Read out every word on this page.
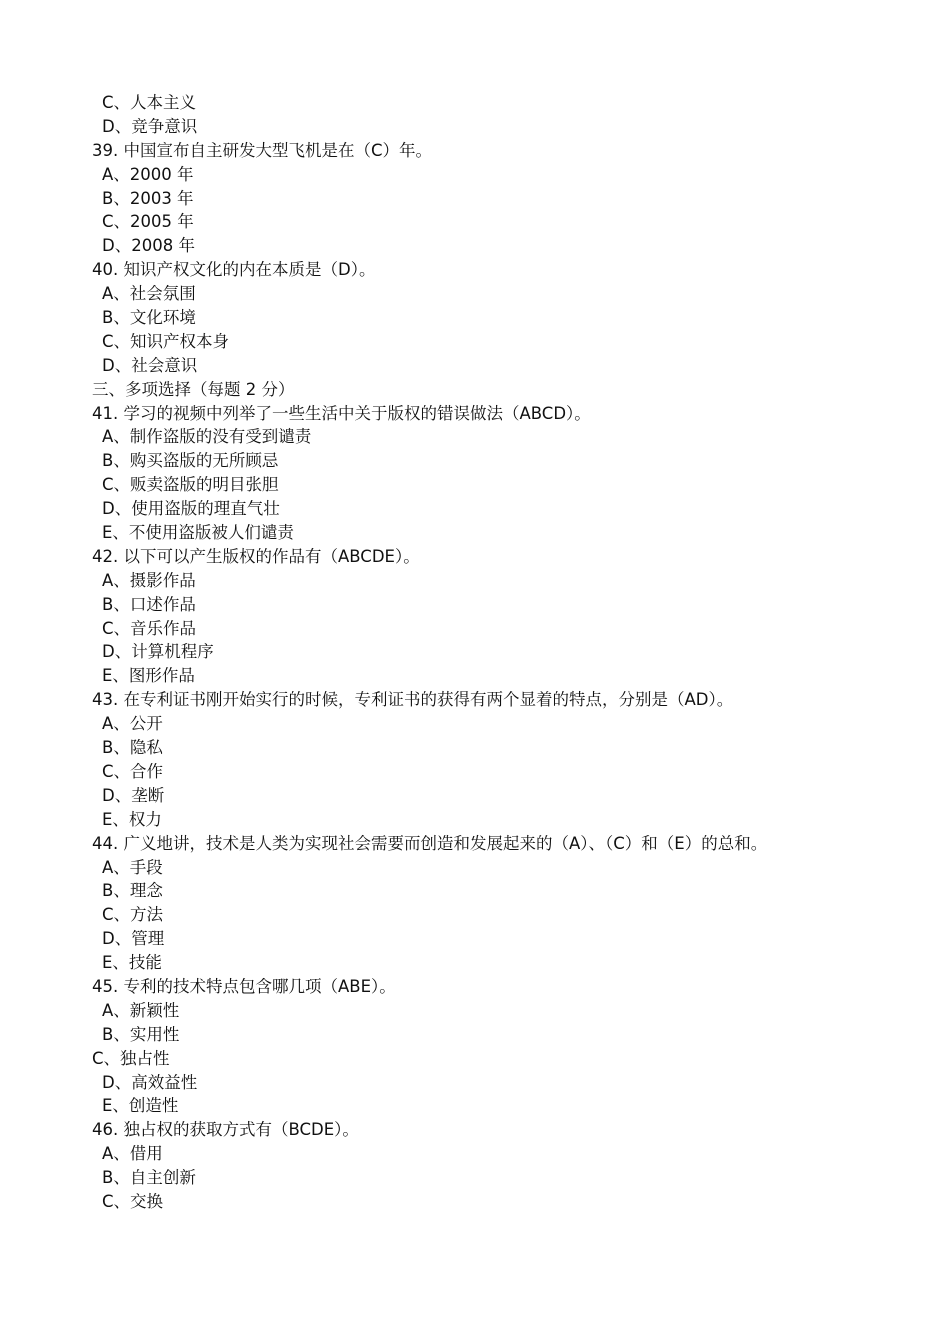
C、人本主义
D、竞争意识
39. 中国宣布自主研发大型飞机是在（C）年。
A、2000 年
B、2003 年
C、2005 年
D、2008 年
40. 知识产权文化的内在本质是（D）。
A、社会氛围
B、文化环境
C、知识产权本身
D、社会意识
三、多项选择（每题 2 分）
41. 学习的视频中列举了一些生活中关于版权的错误做法（ABCD）。
A、制作盗版的没有受到谴责
B、购买盗版的无所顾忌
C、贩卖盗版的明目张胆
D、使用盗版的理直气壮
E、不使用盗版被人们谴责
42. 以下可以产生版权的作品有（ABCDE）。
A、摄影作品
B、口述作品
C、音乐作品
D、计算机程序
E、图形作品
43. 在专利证书刚开始实行的时候，专利证书的获得有两个显着的特点，分别是（AD）。
A、公开
B、隐私
C、合作
D、垄断
E、权力
44. 广义地讲，技术是人类为实现社会需要而创造和发展起来的（A）、（C）和（E）的总和。
A、手段
B、理念
C、方法
D、管理
E、技能
45. 专利的技术特点包含哪几项（ABE）。
A、新颖性
B、实用性
C、独占性
D、高效益性
E、创造性
46. 独占权的获取方式有（BCDE）。
A、借用
B、自主创新
C、交换
